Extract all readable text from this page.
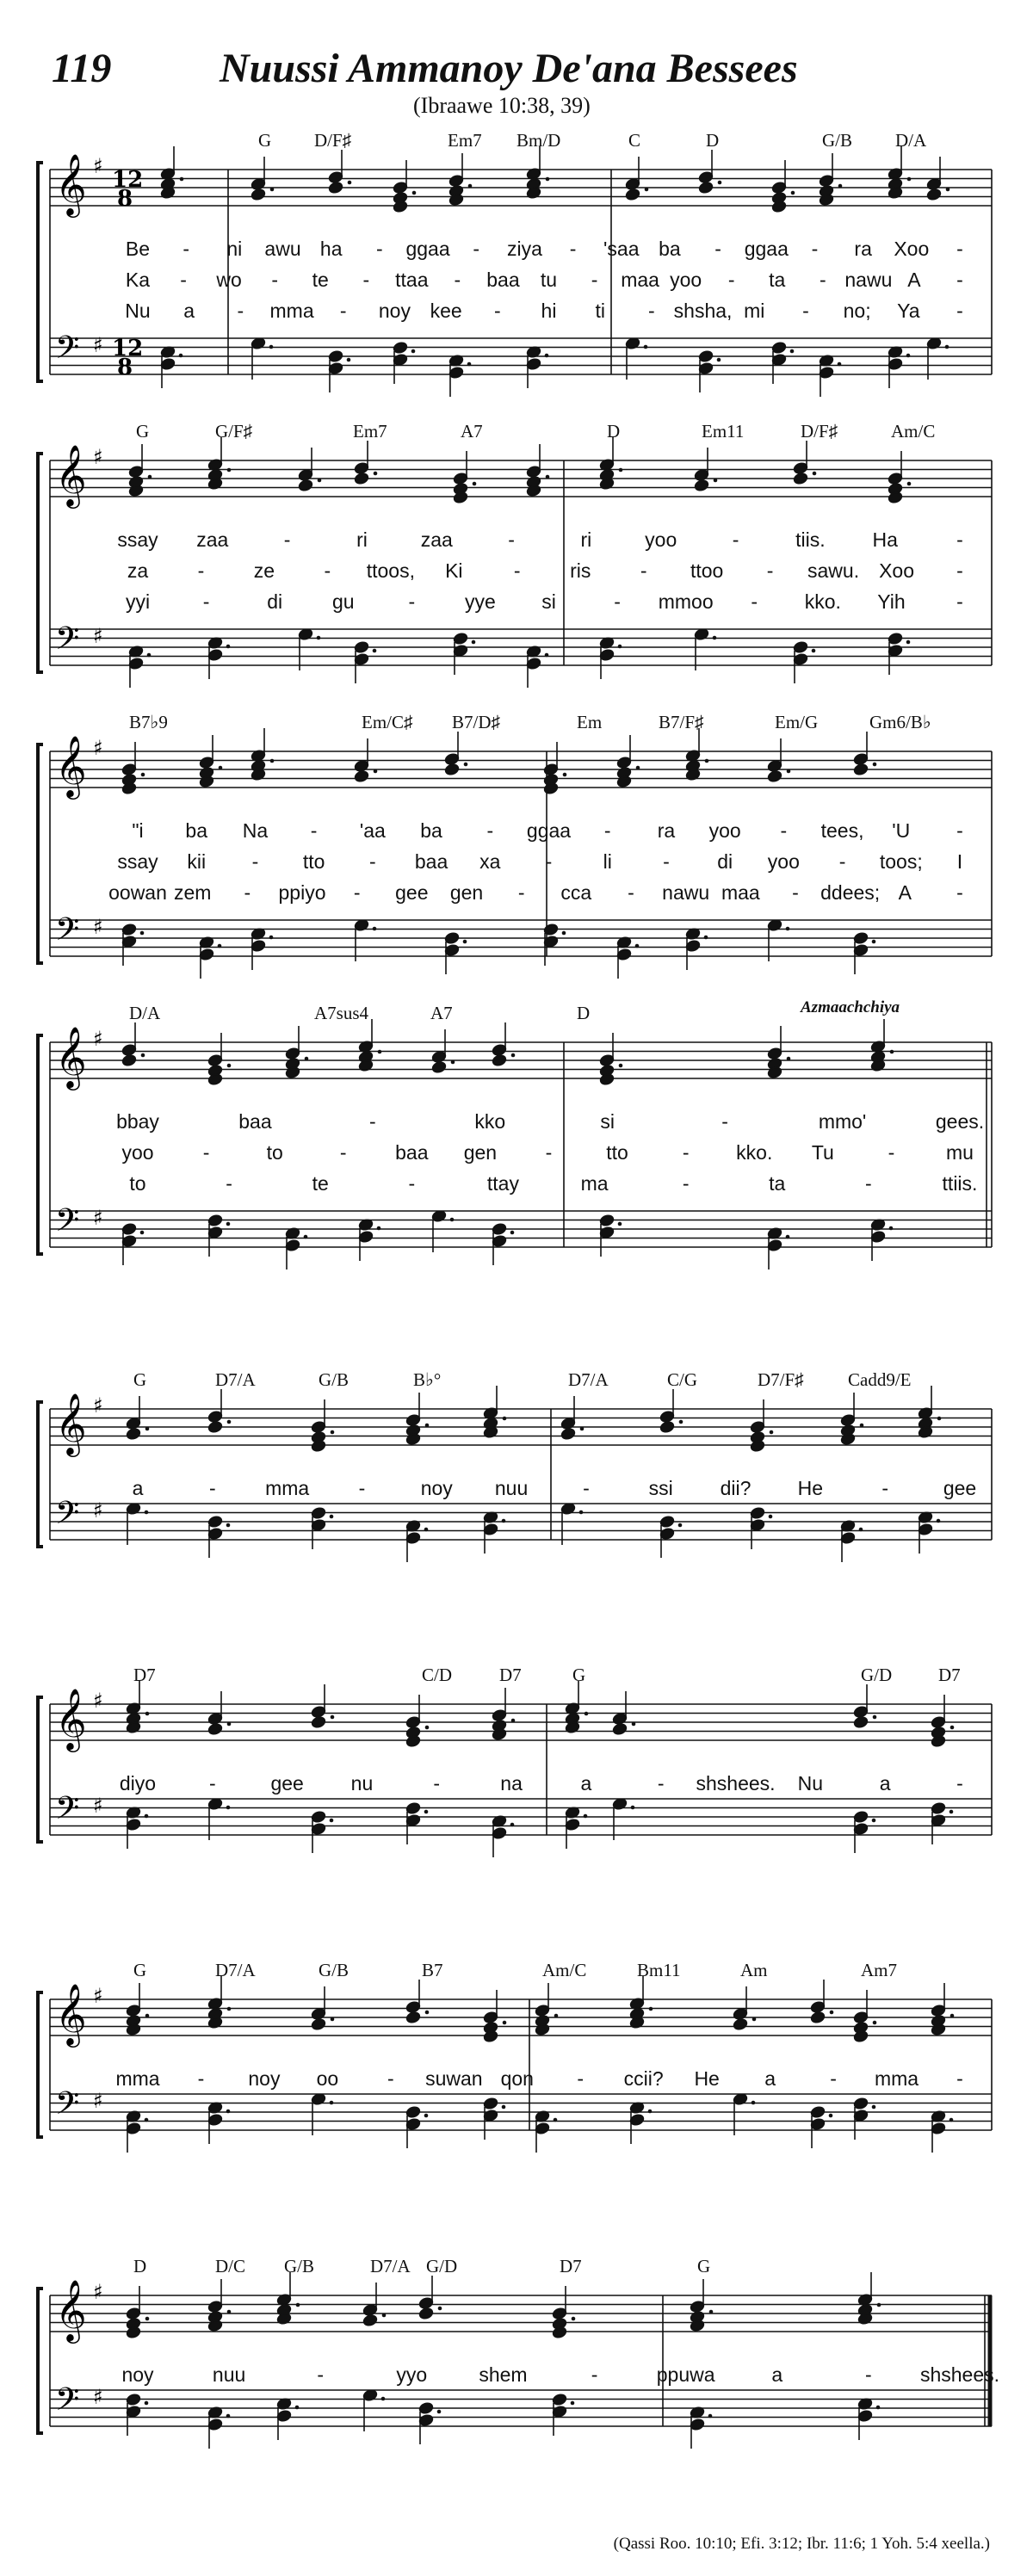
119	Nuussi Ammanoy De'ana Bessees
(Ibraawe 10:38, 39)
𝄞 ♯
12
8
𝄢 ♯ 12
8
G D/F♯	Em7 Bm/D	C	D	G/B D/A
Be - ni awu ha - ggaa - ziya - 'saa ba - ggaa - ra Xoo -
Ka - wo - te - ttaa - baa tu - maa yoo - ta - nawu A -
Nu a - mma - noy kee - hi ti - shsha, mi - no; Ya -
𝄞 ♯
𝄢 ♯
G	G/F♯	Em7	A7	D	Em11	D/F♯	Am/C
ssay zaa	-	ri	zaa	-	ri	yoo	-	tiis. Ha	-
za - ze - ttoos, Ki	- ris - ttoo - sawu. Xoo -
yyi	-	di	gu	-	yye si	- mmoo - kko. Yih	-
𝄞 ♯
𝄢 ♯
B7♭9	Em/C♯ B7/D♯	Em	B7/F♯	Em/G	Gm6/B♭
"i ba Na - 'aa ba - ggaa - ra yoo - tees, 'U -
ssay kii - tto - baa xa -	li	- di yoo - toos; I
oowan zem - ppiyo - gee gen - cca - nawu maa - ddees; A -
𝄞 ♯
𝄢 ♯
D/A	A7sus4	A7	D	Azmaachchiya
bbay	baa	-	kko	si	-	mmo'	gees.
yoo -	to	- baa gen -	tto	- kko. Tu	-	mu
to	-	te	-	ttay	ma	-	ta	-	ttiis.
𝄞 ♯
𝄢 ♯
G	D7/A	G/B	B♭°	D7/A	C/G	D7/F♯ Cadd9/E
a	- mma -	noy nuu	-	ssi dii? He	-	gee
𝄞 ♯
𝄢 ♯
D7	C/D	D7	G	G/D	D7
diyo	-	gee nu	-	na	a	- shshees. Nu	a	-
𝄞 ♯
𝄢 ♯
G	D7/A	G/B	B7	Am/C	Bm11	Am	Am7
mma - noy oo - suwan qon - ccii? He a	- mma -
𝄞 ♯
𝄢 ♯
D	D/C G/B	D7/A G/D	D7	G
noy	nuu	-	yyo	shem	-	ppuwa	a	- shshees.
(Qassi Roo. 10:10; Efi. 3:12; Ibr. 11:6; 1 Yoh. 5:4 xeella.)
